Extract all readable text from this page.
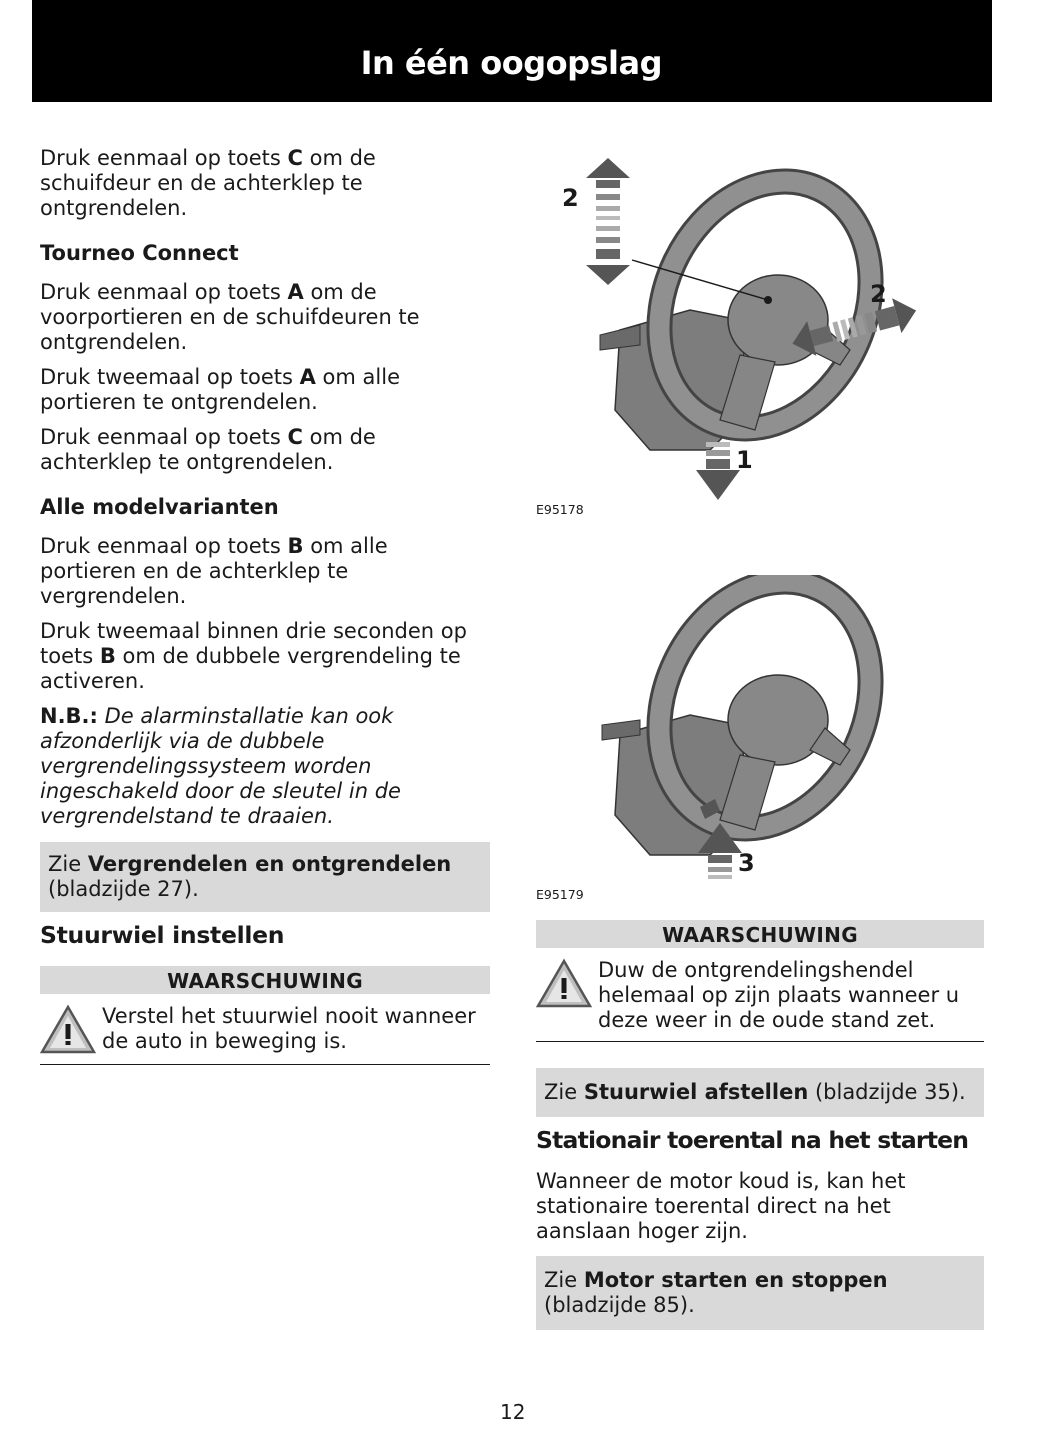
In één oogopslag

Druk eenmaal op toets C om de schuifdeur en de achterklep te ontgrendelen.

Tourneo Connect

Druk eenmaal op toets A om de voorportieren en de schuifdeuren te ontgrendelen.

Druk tweemaal op toets A om alle portieren te ontgrendelen.

Druk eenmaal op toets C om de achterklep te ontgrendelen.

Alle modelvarianten

Druk eenmaal op toets B om alle portieren en de achterklep te vergrendelen.

Druk tweemaal binnen drie seconden op toets B om de dubbele vergrendeling te activeren.

N.B.: De alarminstallatie kan ook afzonderlijk via de dubbele vergrendelingssysteem worden ingeschakeld door de sleutel in de vergrendelstand te draaien.

Zie Vergrendelen en ontgrendelen (bladzijde 27).
Stuurwiel instellen
WAARSCHUWING
Verstel het stuurwiel nooit wanneer de auto in beweging is.
2
2
1
E95178
3
E95179
WAARSCHUWING
Duw de ontgrendelingshendel helemaal op zijn plaats wanneer u deze weer in de oude stand zet.
Zie Stuurwiel afstellen (bladzijde 35).
Stationair toerental na het starten

Wanneer de motor koud is, kan het stationaire toerental direct na het aanslaan hoger zijn.

Zie Motor starten en stoppen
(bladzijde 85).
12
